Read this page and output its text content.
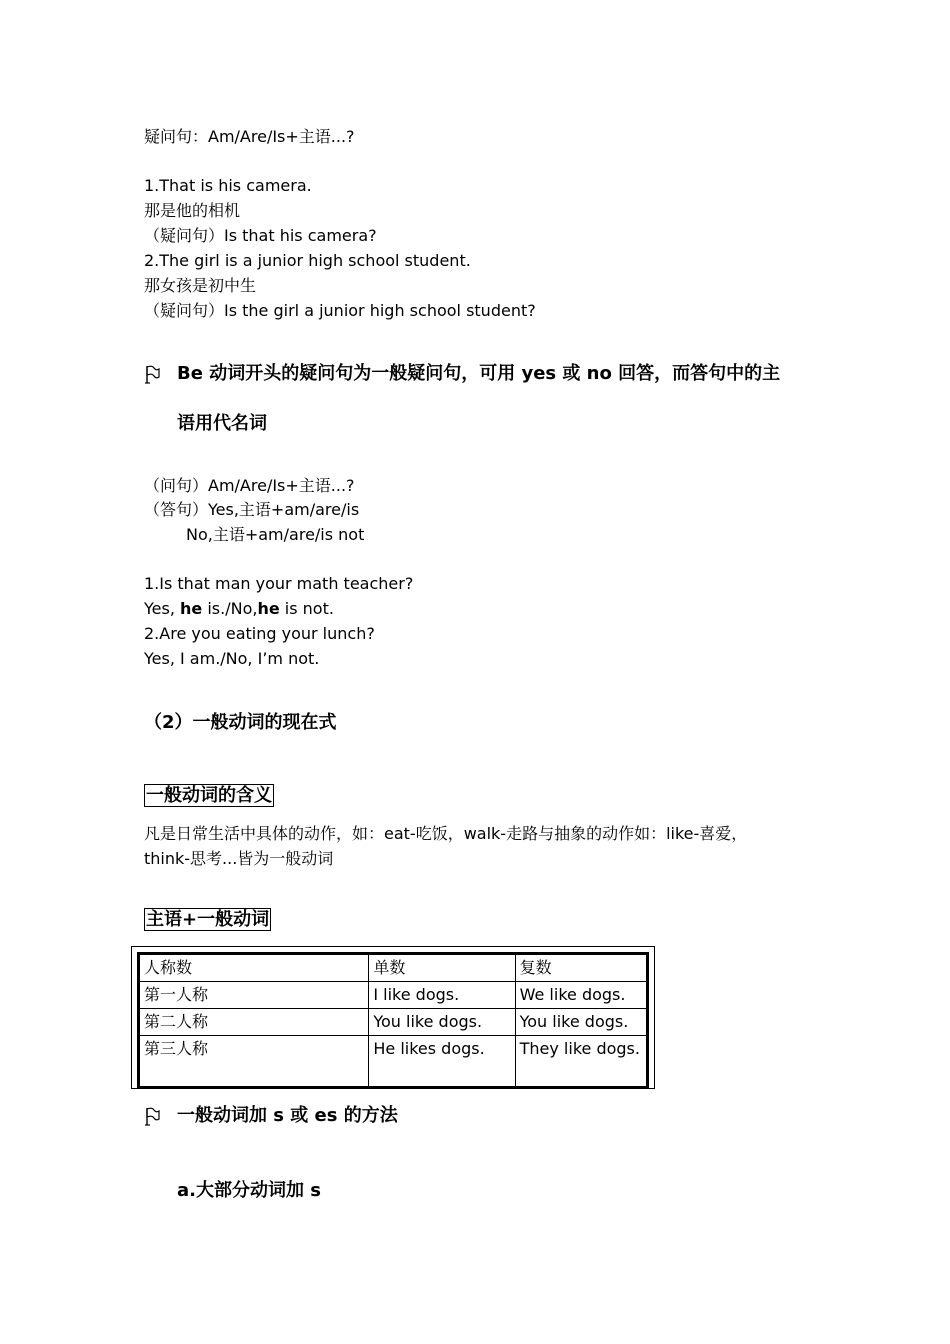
疑问句：Am/Are/Is+主语...?
1.That is his camera.
那是他的相机
（疑问句）Is that his camera?
2.The girl is a junior high school student.
那女孩是初中生
（疑问句）Is the girl a junior high school student?
Be 动词开头的疑问句为一般疑问句，可用 yes 或 no 回答，而答句中的主
语用代名词
（问句）Am/Are/Is+主语...?
（答句）Yes,主语+am/are/is
No,主语+am/are/is not
1.Is that man your math teacher?
Yes, he is./No,he is not.
2.Are you eating your lunch?
Yes, I am./No, I’m not.
（2）一般动词的现在式
一般动词的含义
凡是日常生活中具体的动作，如：eat-吃饭，walk-走路与抽象的动作如：like-喜爱，
think-思考...皆为一般动词
主语+一般动词
人称数	单数	复数
第一人称	I like dogs.	We like dogs.
第二人称	You like dogs.	You like dogs.
第三人称	He likes dogs.	They like dogs.
一般动词加 s 或 es 的方法
a.大部分动词加 s
